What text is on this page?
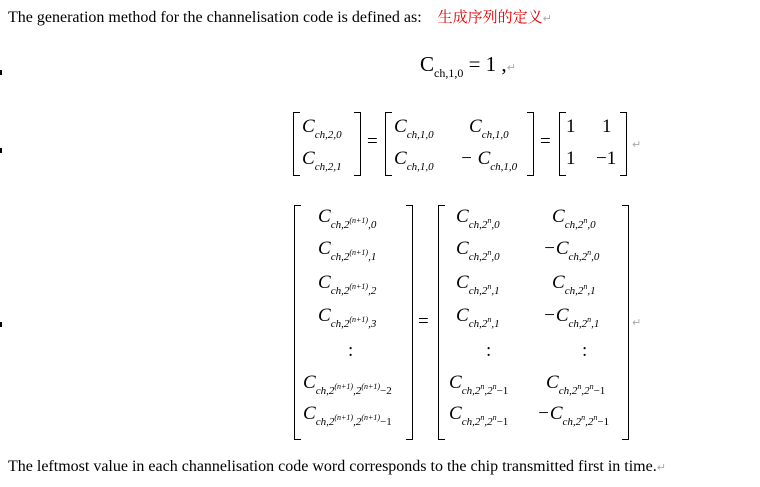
The generation method for the channelisation code is defined as: 生成序列的定义↵
$C_{ch,1,0} = 1$ ,↵
$C_{ch,2,0}$
$C_{ch,2,1}$
=
$C_{ch,1,0}$ $C_{ch,1,0}$
$C_{ch,1,0} - C_{ch,1,0}$
=
1 1
1 −1
↵
=	↵
$C_{ch,2^{(n+1)},0}$
$C_{ch,2^{(n+1)},1}$
$C_{ch,2^{(n+1)},2}$
$C_{ch,2^{(n+1)},3}$
:
$C_{ch,2^{(n+1)},2^{(n+1)}-2}$
$C_{ch,2^{(n+1)},2^{(n+1)}-1}$
$C_{ch,2^n,0}$
$C_{ch,2^n,0}$
$C_{ch,2^n,1}$
$C_{ch,2^n,1}$
:
$C_{ch,2^n,2^n-1}$
$C_{ch,2^n,2^n-1}$
$C_{ch,2^n,0}$
$-C_{ch,2^n,0}$
$C_{ch,2^n,1}$
$-C_{ch,2^n,1}$
:
$C_{ch,2^n,2^n-1}$
$-C_{ch,2^n,2^n-1}$
The leftmost value in each channelisation code word corresponds to the chip transmitted first in time.↵
